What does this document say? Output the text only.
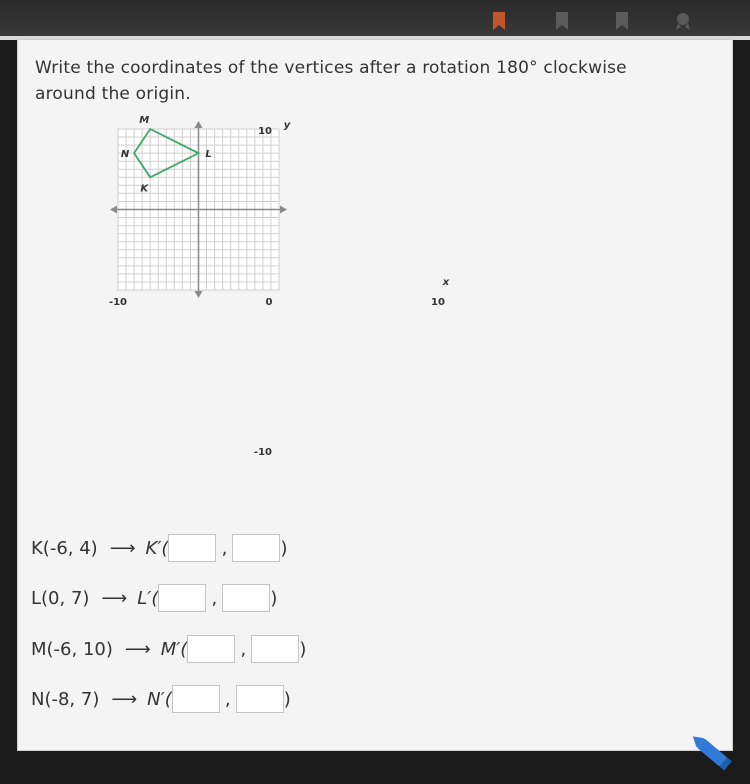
Write the coordinates of the vertices after a rotation 180° clockwise around the origin.
-10	0	10
10
-10
x
y
M
L
K
N
K(-6, 4) ⟶ K′(	,	)
L(0, 7) ⟶ L′(	,	)
M(-6, 10) ⟶ M′(	,	)
N(-8, 7) ⟶ N′(	,	)
